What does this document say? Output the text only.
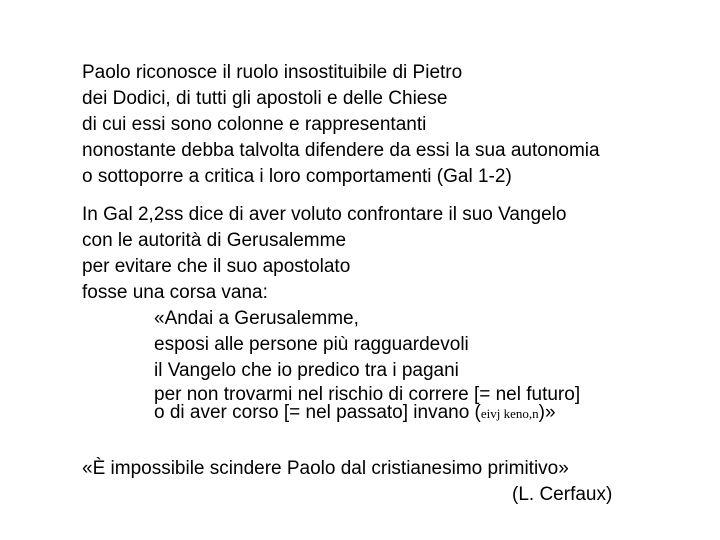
Paolo riconosce il ruolo insostituibile di Pietro
dei Dodici, di tutti gli apostoli e delle Chiese
di cui essi sono colonne e rappresentanti
nonostante debba talvolta difendere da essi la sua autonomia
o sottoporre a critica i loro comportamenti (Gal 1-2)
In Gal 2,2ss dice di aver voluto confrontare il suo Vangelo
con le autorità di Gerusalemme
per evitare che il suo apostolato
fosse una corsa vana:
«Andai a Gerusalemme,
esposi alle persone più ragguardevoli
il Vangelo che io predico tra i pagani
per non trovarmi nel rischio di correre [= nel futuro]
o di aver corso [= nel passato] invano (eivj keno,n)»
«È impossibile scindere Paolo dal cristianesimo primitivo»
(L. Cerfaux)
